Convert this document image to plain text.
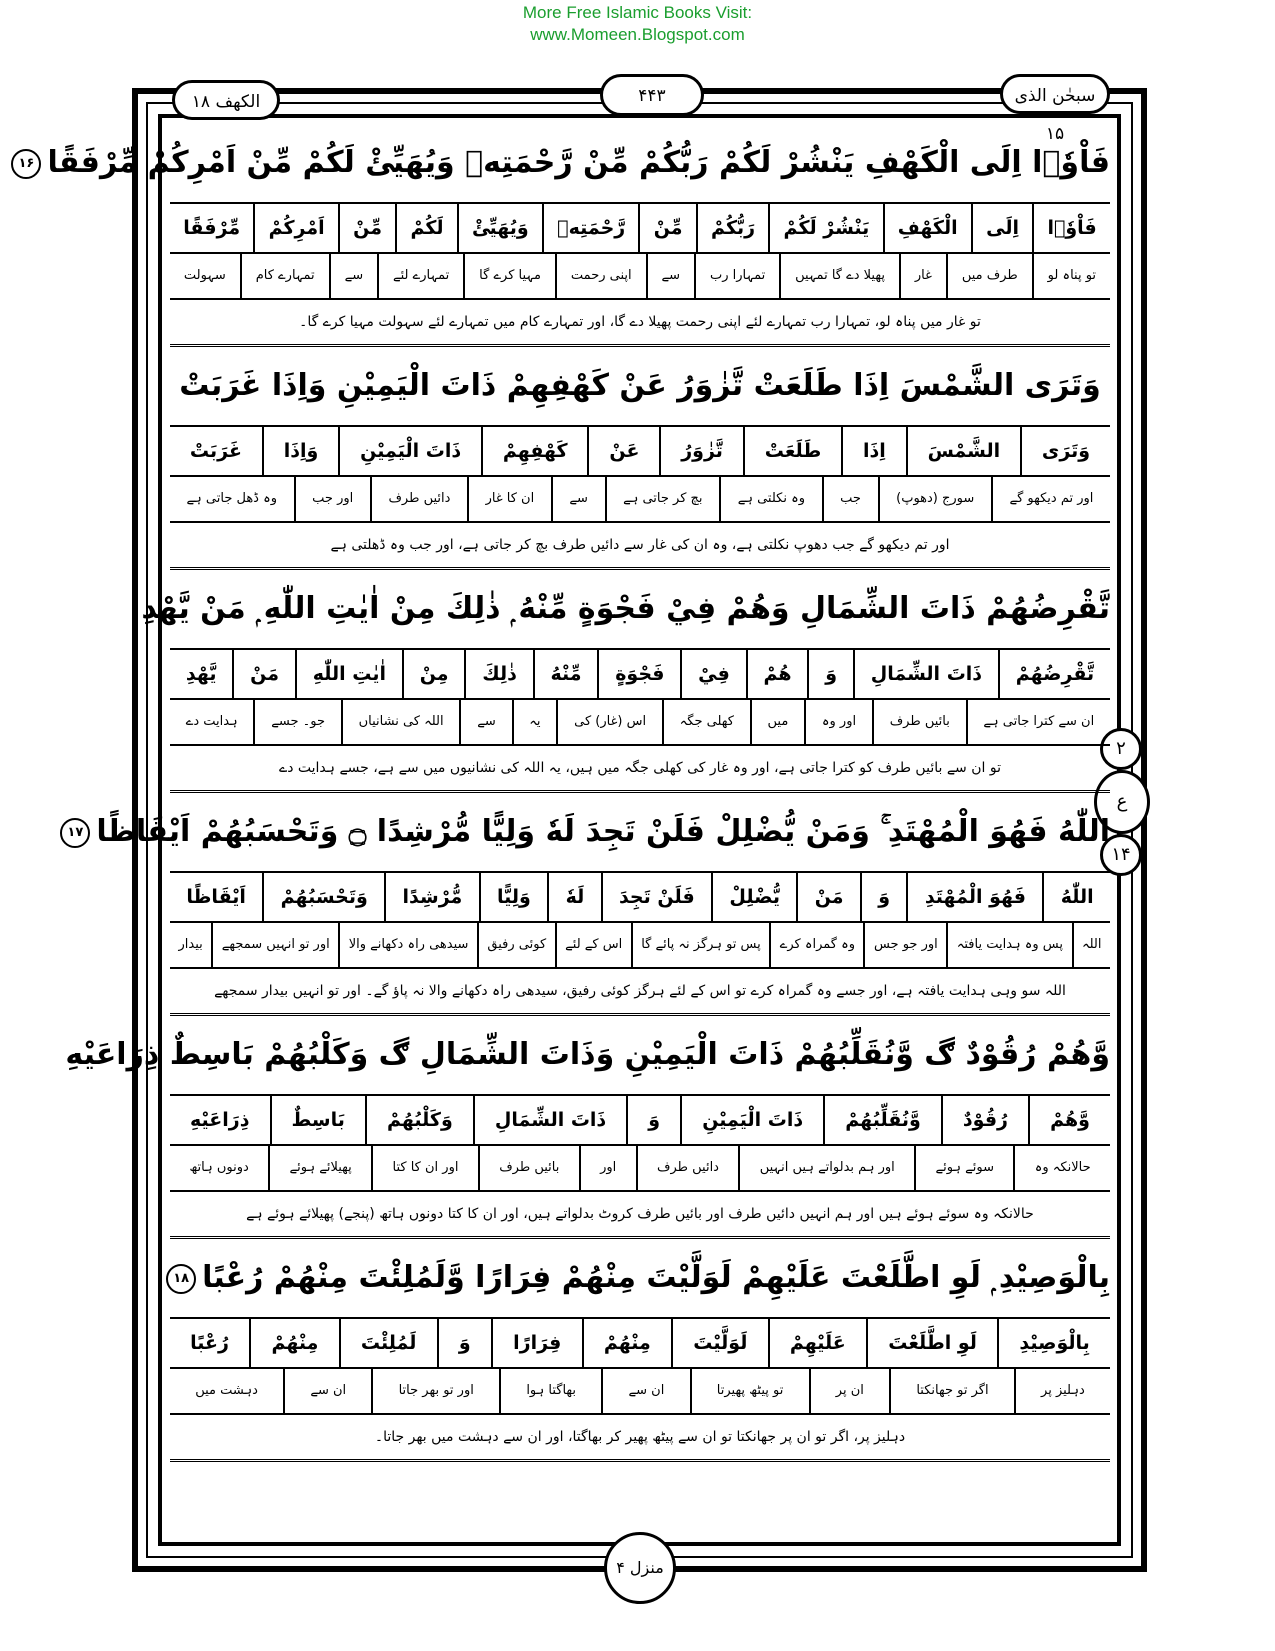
More Free Islamic Books Visit:
www.Momeen.Blogspot.com
الکھف ۱۸	۴۴۳	سبحٰن الذی ۱۵
۲
ع
۱۴
فَاْوٗۤا اِلَى الْكَهْفِ يَنْشُرْ لَكُمْ رَبُّكُمْ مِّنْ رَّحْمَتِهٖ وَيُهَيِّئْ لَكُمْ مِّنْ اَمْرِكُمْ مِّرْفَقًا۱۶
فَاْوٗۤا
اِلَى
الْكَهْفِ
يَنْشُرْ لَكُمْ
رَبُّكُمْ
مِّنْ
رَّحْمَتِهٖ
وَيُهَيِّئْ
لَكُمْ
مِّنْ
اَمْرِكُمْ
مِّرْفَقًا
تو پناہ لو
طرف میں
غار
پھیلا دے گا تمہیں
تمہارا رب
سے
اپنی رحمت
مہیا کرے گا
تمہارے لئے
سے
تمہارے کام
سہولت
تو غار میں پناہ لو، تمہارا رب تمہارے لئے اپنی رحمت پھیلا دے گا، اور تمہارے کام میں تمہارے لئے سہولت مہیا کرے گا۔
وَتَرَى الشَّمْسَ اِذَا طَلَعَتْ تَّزٰوَرُ عَنْ كَهْفِهِمْ ذَاتَ الْيَمِيْنِ وَاِذَا غَرَبَتْ
وَتَرَى
الشَّمْسَ
اِذَا
طَلَعَتْ
تَّزٰوَرُ
عَنْ
كَهْفِهِمْ
ذَاتَ الْيَمِيْنِ
وَاِذَا
غَرَبَتْ
اور تم دیکھو گے
سورج (دھوپ)
جب
وہ نکلتی ہے
بچ کر جاتی ہے
سے
ان کا غار
دائیں طرف
اور جب
وہ ڈھل جاتی ہے
اور تم دیکھو گے جب دھوپ نکلتی ہے، وہ ان کی غار سے دائیں طرف بچ کر جاتی ہے، اور جب وہ ڈھلتی ہے
تَّقْرِضُهُمْ ذَاتَ الشِّمَالِ وَهُمْ فِيْ فَجْوَةٍ مِّنْهُ ۭ ذٰلِكَ مِنْ اٰيٰتِ اللّٰهِ ۭ مَنْ يَّهْدِ
تَّقْرِضُهُمْ
ذَاتَ الشِّمَالِ
وَ
هُمْ
فِيْ
فَجْوَةٍ
مِّنْهُ
ذٰلِكَ
مِنْ
اٰيٰتِ اللّٰهِ
مَنْ
يَّهْدِ
ان سے کترا جاتی ہے
بائیں طرف
اور وہ
میں
کھلی جگہ
اس (غار) کی
یہ
سے
اللہ کی نشانیاں
جو۔ جسے
ہدایت دے
تو ان سے بائیں طرف کو کترا جاتی ہے، اور وہ غار کی کھلی جگہ میں ہیں، یہ اللہ کی نشانیوں میں سے ہے، جسے ہدایت دے
اللّٰهُ فَهُوَ الْمُهْتَدِ ۚ وَمَنْ يُّضْلِلْ فَلَنْ تَجِدَ لَهٗ وَلِيًّا مُّرْشِدًا ۝ وَتَحْسَبُهُمْ اَيْقَاظًا۱۷
اللّٰهُ
فَهُوَ الْمُهْتَدِ
وَ
مَنْ
يُّضْلِلْ
فَلَنْ تَجِدَ
لَهٗ
وَلِيًّا
مُّرْشِدًا
وَتَحْسَبُهُمْ
اَيْقَاظًا
اللہ
پس وہ ہدایت یافتہ
اور جو جس
وہ گمراہ کرے
پس تو ہرگز نہ پائے گا
اس کے لئے
کوئی رفیق
سیدھی راہ دکھانے والا
اور تو انہیں سمجھے
بیدار
اللہ سو وہی ہدایت یافتہ ہے، اور جسے وہ گمراہ کرے تو اس کے لئے ہرگز کوئی رفیق، سیدھی راہ دکھانے والا نہ پاؤ گے۔ اور تو انہیں بیدار سمجھے
وَّهُمْ رُقُوْدٌ ڰ وَّنُقَلِّبُهُمْ ذَاتَ الْيَمِيْنِ وَذَاتَ الشِّمَالِ ڰ وَكَلْبُهُمْ بَاسِطٌ ذِرَاعَيْهِ
وَّهُمْ
رُقُوْدٌ
وَّنُقَلِّبُهُمْ
ذَاتَ الْيَمِيْنِ
وَ
ذَاتَ الشِّمَالِ
وَكَلْبُهُمْ
بَاسِطٌ
ذِرَاعَيْهِ
حالانکہ وہ
سوئے ہوئے
اور ہم بدلواتے ہیں انہیں
دائیں طرف
اور
بائیں طرف
اور ان کا کتا
پھیلائے ہوئے
دونوں ہاتھ
حالانکہ وہ سوئے ہوئے ہیں اور ہم انہیں دائیں طرف اور بائیں طرف کروٹ بدلواتے ہیں، اور ان کا کتا دونوں ہاتھ (پنجے) پھیلائے ہوئے ہے
بِالْوَصِيْدِ ۭ لَوِ اطَّلَعْتَ عَلَيْهِمْ لَوَلَّيْتَ مِنْهُمْ فِرَارًا وَّلَمُلِئْتَ مِنْهُمْ رُعْبًا۱۸
بِالْوَصِيْدِ
لَوِ اطَّلَعْتَ
عَلَيْهِمْ
لَوَلَّيْتَ
مِنْهُمْ
فِرَارًا
وَ
لَمُلِئْتَ
مِنْهُمْ
رُعْبًا
دہلیز پر
اگر تو جھانکتا
ان پر
تو پیٹھ پھیرتا
ان سے
بھاگتا ہوا
اور تو بھر جاتا
ان سے
دہشت میں
دہلیز پر، اگر تو ان پر جھانکتا تو ان سے پیٹھ پھیر کر بھاگتا، اور ان سے دہشت میں بھر جاتا۔
منزل ۴
